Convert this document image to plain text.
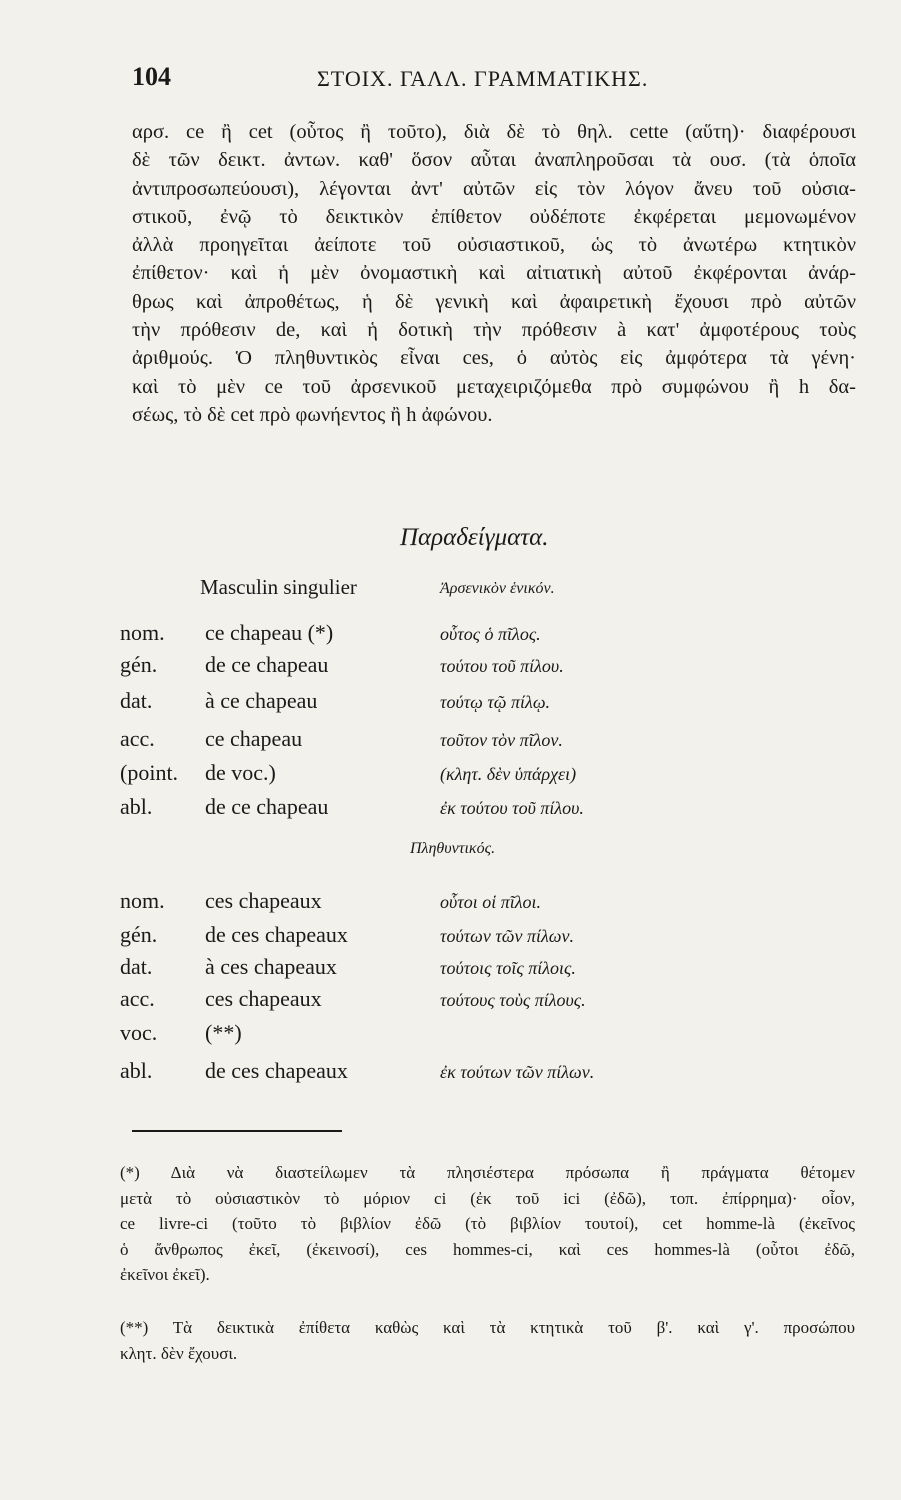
104	ΣΤΟΙΧ. ΓΑΛΛ. ΓΡΑΜΜΑΤΙΚΗΣ.

αρσ. ce ἢ cet (οὗτος ἢ τοῦτο), διὰ δὲ τὸ θηλ. cette (αὕτη)· διαφέρουσι
δὲ τῶν δεικτ. ἀντων. καθ' ὅσον αὗται ἀναπληροῦσαι τὰ ουσ. (τὰ ὁποῖα
ἀντιπροσωπεύουσι), λέγονται ἀντ' αὐτῶν εἰς τὸν λόγον ἄνευ τοῦ οὐσια-
στικοῦ, ἐνῷ τὸ δεικτικὸν ἐπίθετον οὐδέποτε ἐκφέρεται μεμονωμένον
ἀλλὰ προηγεῖται ἀείποτε τοῦ οὐσιαστικοῦ, ὡς τὸ ἀνωτέρω κτητικὸν
ἐπίθετον· καὶ ἡ μὲν ὀνομαστικὴ καὶ αἰτιατικὴ αὐτοῦ ἐκφέρονται ἀνάρ-
θρως καὶ ἀπροθέτως, ἡ δὲ γενικὴ καὶ ἀφαιρετικὴ ἔχουσι πρὸ αὐτῶν
τὴν πρόθεσιν de, καὶ ἡ δοτικὴ τὴν πρόθεσιν à κατ' ἀμφοτέρους τοὺς
ἀριθμούς. Ὁ πληθυντικὸς εἶναι ces, ὁ αὐτὸς εἰς ἀμφότερα τὰ γένη·
καὶ τὸ μὲν ce τοῦ ἀρσενικοῦ μεταχειριζόμεθα πρὸ συμφώνου ἢ h δα-
σέως, τὸ δὲ cet πρὸ φωνήεντος ἢ h ἀφώνου.

Παραδείγματα.
Masculin singulier	Ἀρσενικὸν ἑνικόν.
nom. ce chapeau (*)	οὗτος ὁ πῖλος.
gén. de ce chapeau	τούτου τοῦ πίλου.
dat. à ce chapeau	τούτῳ τῷ πίλῳ.
acc. ce chapeau	τοῦτον τὸν πῖλον.
(point. de voc.)	(κλητ. δὲν ὑπάρχει)
abl. de ce chapeau	ἐκ τούτου τοῦ πίλου.
Πληθυντικός.
nom. ces chapeaux	οὗτοι οἱ πῖλοι.
gén. de ces chapeaux	τούτων τῶν πίλων.
dat. à ces chapeaux	τούτοις τοῖς πίλοις.
acc. ces chapeaux	τούτους τοὺς πίλους.
voc. (**)
abl. de ces chapeaux	ἐκ τούτων τῶν πίλων.

(*) Διὰ νὰ διαστείλωμεν τὰ πλησιέστερα πρόσωπα ἢ πράγματα θέτομεν
μετὰ τὸ οὐσιαστικὸν τὸ μόριον ci (ἐκ τοῦ ici (ἐδῶ), τοπ. ἐπίρρημα)· οἷον,
ce livre-ci (τοῦτο τὸ βιβλίον ἐδῶ (τὸ βιβλίον τουτοί), cet homme-là (ἐκεῖνος
ὁ ἄνθρωπος ἐκεῖ, (ἐκεινοσί), ces hommes-ci, καὶ ces hommes-là (οὗτοι ἐδῶ,
ἐκεῖνοι ἐκεῖ).

(**) Τὰ δεικτικὰ ἐπίθετα καθὼς καὶ τὰ κτητικὰ τοῦ β'. καὶ γ'. προσώπου
κλητ. δὲν ἔχουσι.
